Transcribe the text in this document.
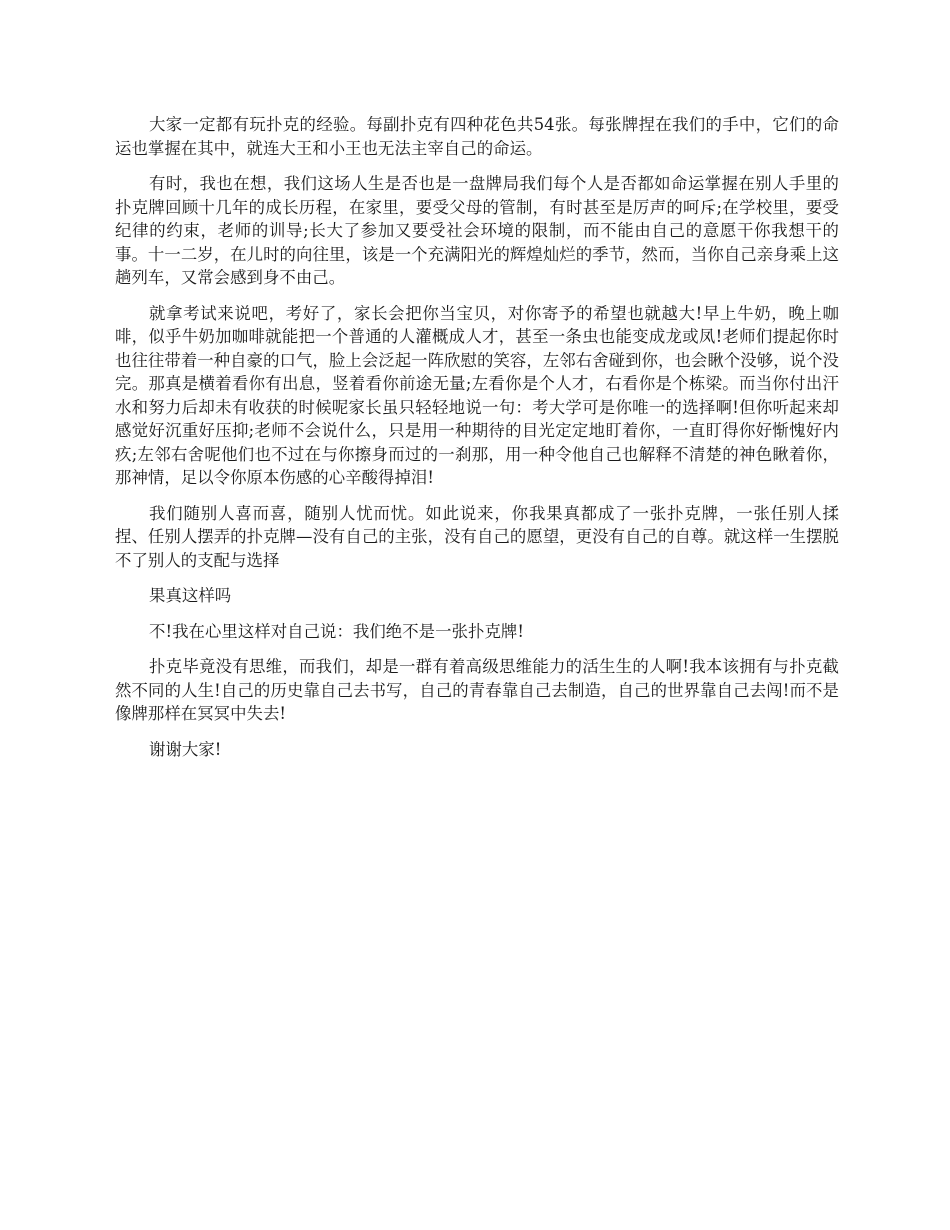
大家一定都有玩扑克的经验。每副扑克有四种花色共54张。每张牌捏在我们的手中，它们的命运也掌握在其中，就连大王和小王也无法主宰自己的命运。

有时，我也在想，我们这场人生是否也是一盘牌局我们每个人是否都如命运掌握在别人手里的扑克牌回顾十几年的成长历程，在家里，要受父母的管制，有时甚至是厉声的呵斥;在学校里，要受纪律的约束，老师的训导;长大了参加又要受社会环境的限制，而不能由自己的意愿干你我想干的事。十一二岁，在儿时的向往里，该是一个充满阳光的辉煌灿烂的季节，然而，当你自己亲身乘上这趟列车，又常会感到身不由己。

就拿考试来说吧，考好了，家长会把你当宝贝，对你寄予的希望也就越大!早上牛奶，晚上咖啡，似乎牛奶加咖啡就能把一个普通的人灌概成人才，甚至一条虫也能变成龙或凤!老师们提起你时也往往带着一种自豪的口气，脸上会泛起一阵欣慰的笑容，左邻右舍碰到你，也会瞅个没够，说个没完。那真是横着看你有出息，竖着看你前途无量;左看你是个人才，右看你是个栋梁。而当你付出汗水和努力后却未有收获的时候呢家长虽只轻轻地说一句：考大学可是你唯一的选择啊!但你听起来却感觉好沉重好压抑;老师不会说什么，只是用一种期待的目光定定地盯着你，一直盯得你好惭愧好内疚;左邻右舍呢他们也不过在与你擦身而过的一刹那，用一种令他自己也解释不清楚的神色瞅着你，那神情，足以令你原本伤感的心辛酸得掉泪!

我们随别人喜而喜，随别人忧而忧。如此说来，你我果真都成了一张扑克牌，一张任别人揉捏、任别人摆弄的扑克牌—没有自己的主张，没有自己的愿望，更没有自己的自尊。就这样一生摆脱不了别人的支配与选择

果真这样吗

不!我在心里这样对自己说：我们绝不是一张扑克牌!

扑克毕竟没有思维，而我们，却是一群有着高级思维能力的活生生的人啊!我本该拥有与扑克截然不同的人生!自己的历史靠自己去书写，自己的青春靠自己去制造，自己的世界靠自己去闯!而不是像牌那样在冥冥中失去!

谢谢大家!
